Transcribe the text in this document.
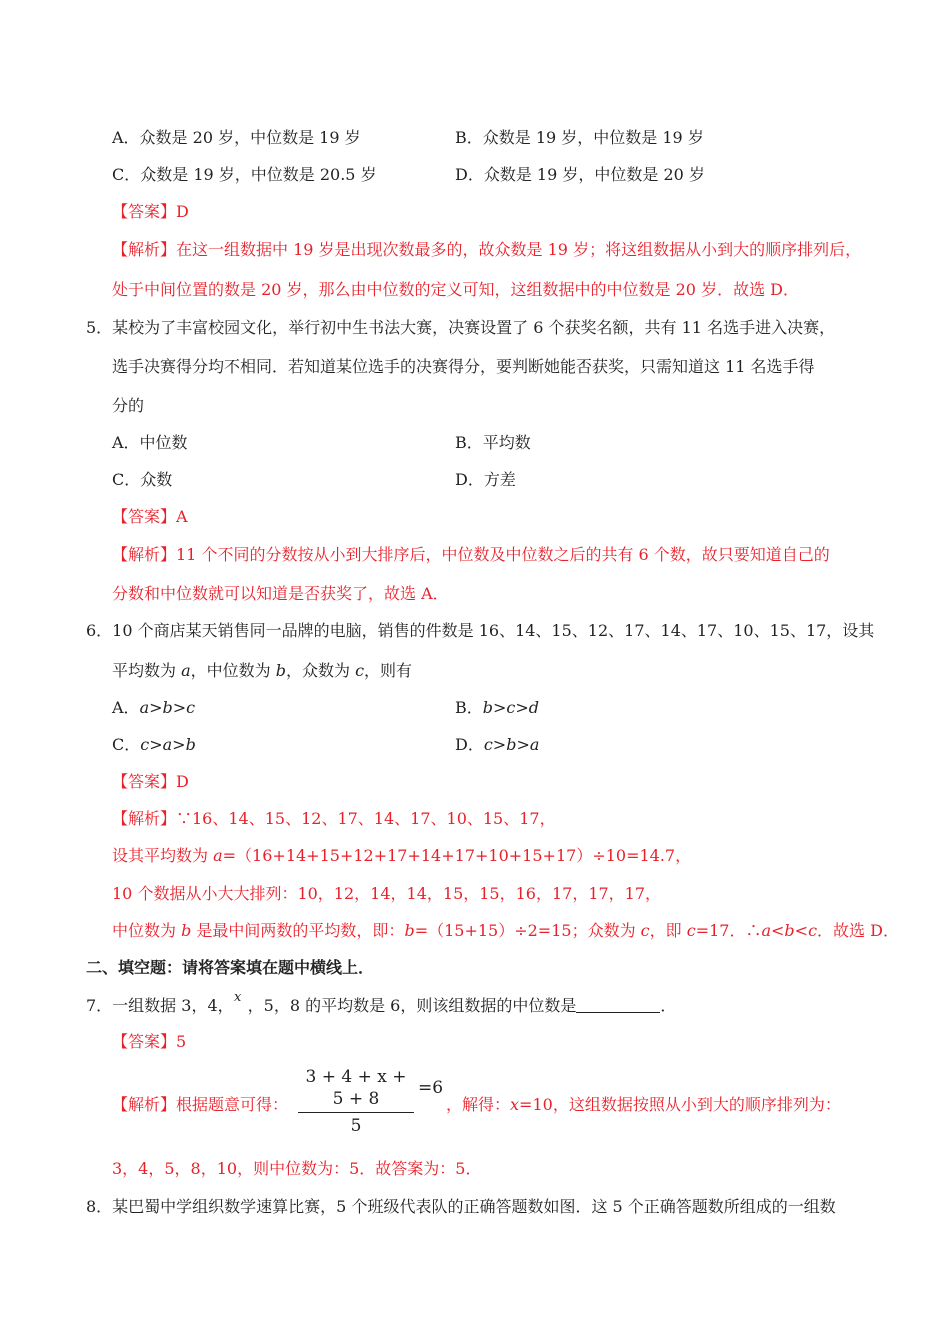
A．众数是 20 岁，中位数是 19 岁	B．众数是 19 岁，中位数是 19 岁
C．众数是 19 岁，中位数是 20.5 岁	D．众数是 19 岁，中位数是 20 岁
【答案】D
【解析】在这一组数据中 19 岁是出现次数最多的，故众数是 19 岁；将这组数据从小到大的顺序排列后，
处于中间位置的数是 20 岁，那么由中位数的定义可知，这组数据中的中位数是 20 岁．故选 D．
5．某校为了丰富校园文化，举行初中生书法大赛，决赛设置了 6 个获奖名额，共有 11 名选手进入决赛，
选手决赛得分均不相同．若知道某位选手的决赛得分，要判断她能否获奖，只需知道这 11 名选手得
分的
A．中位数	B．平均数
C．众数	D．方差
【答案】A
【解析】11 个不同的分数按从小到大排序后，中位数及中位数之后的共有 6 个数，故只要知道自己的
分数和中位数就可以知道是否获奖了，故选 A．
6．10 个商店某天销售同一品牌的电脑，销售的件数是 16、14、15、12、17、14、17、10、15、17，设其
平均数为 a，中位数为 b，众数为 c，则有
A．a>b>c	B．b>c>d
C．c>a>b	D．c>b>a
【答案】D
【解析】∵16、14、15、12、17、14、17、10、15、17，
设其平均数为 a=（16+14+15+12+17+14+17+10+15+17）÷10=14.7，
10 个数据从小大大排列：10，12，14，14，15，15，16，17，17，17，
中位数为 b 是最中间两数的平均数，即：b=（15+15）÷2=15；众数为 c，即 c=17．∴a<b<c．故选 D．
二、填空题：请将答案填在题中横线上．
x
7．一组数据 3，4， ，5，8 的平均数是 6，则该组数据的中位数是	．
【答案】5
3 + 4 + x + 5 + 8
5
=6
【解析】根据题意可得：	，解得：x=10，这组数据按照从小到大的顺序排列为：
3，4，5，8，10，则中位数为：5．故答案为：5．
8．某巴蜀中学组织数学速算比赛，5 个班级代表队的正确答题数如图．这 5 个正确答题数所组成的一组数
